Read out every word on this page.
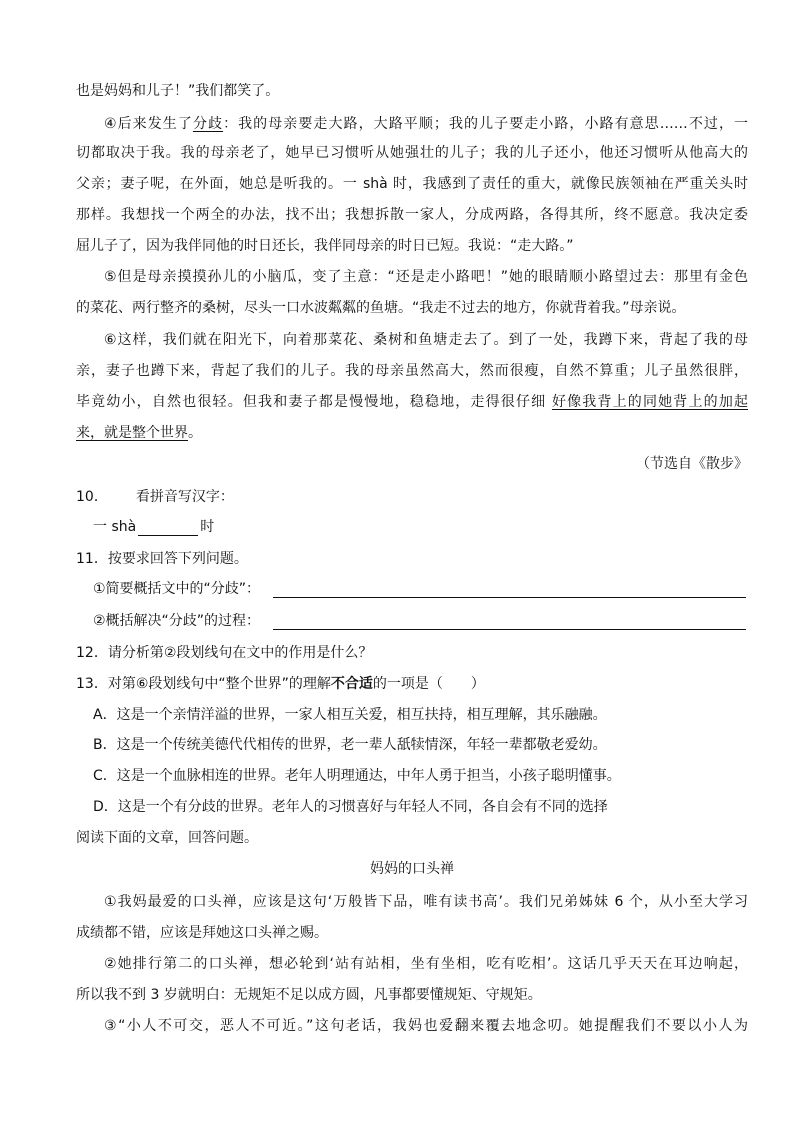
也是妈妈和儿子！”我们都笑了。
④后来发生了分歧：我的母亲要走大路，大路平顺；我的儿子要走小路，小路有意思……不过，一
切都取决于我。我的母亲老了，她早已习惯听从她强壮的儿子；我的儿子还小，他还习惯听从他高大的
父亲；妻子呢，在外面，她总是听我的。一 shà 时，我感到了责任的重大，就像民族领袖在严重关头时
那样。我想找一个两全的办法，找不出；我想拆散一家人，分成两路，各得其所，终不愿意。我决定委
屈儿子了，因为我伴同他的时日还长，我伴同母亲的时日已短。我说：“走大路。”
⑤但是母亲摸摸孙儿的小脑瓜，变了主意：“还是走小路吧！”她的眼睛顺小路望过去：那里有金色
的菜花、两行整齐的桑树，尽头一口水波粼粼的鱼塘。“我走不过去的地方，你就背着我。”母亲说。
⑥这样，我们就在阳光下，向着那菜花、桑树和鱼塘走去了。到了一处，我蹲下来，背起了我的母
亲，妻子也蹲下来，背起了我们的儿子。我的母亲虽然高大，然而很瘦，自然不算重；儿子虽然很胖，
毕竟幼小，自然也很轻。但我和妻子都是慢慢地，稳稳地，走得很仔细 好像我背上的同她背上的加起
来，就是整个世界。
（节选自《散步》
10． 看拼音写汉字：
一 shà	时
11．按要求回答下列问题。
①简要概括文中的“分歧”：
②概括解决“分歧”的过程：
12．请分析第②段划线句在文中的作用是什么？
13．对第⑥段划线句中“整个世界”的理解不合适的一项是（　　）
A．这是一个亲情洋溢的世界，一家人相互关爱，相互扶持，相互理解，其乐融融。
B．这是一个传统美德代代相传的世界，老一辈人舐犊情深，年轻一辈都敬老爱幼。
C．这是一个血脉相连的世界。老年人明理通达，中年人勇于担当，小孩子聪明懂事。
D．这是一个有分歧的世界。老年人的习惯喜好与年轻人不同，各自会有不同的选择
阅读下面的文章，回答问题。
妈妈的口头禅
①我妈最爱的口头禅，应该是这句‘万般皆下品，唯有读书高’。我们兄弟姊妹 6 个，从小至大学习
成绩都不错，应该是拜她这口头禅之赐。
②她排行第二的口头禅，想必轮到‘站有站相，坐有坐相，吃有吃相’。这话几乎天天在耳边响起，
所以我不到 3 岁就明白：无规矩不足以成方圆，凡事都要懂规矩、守规矩。
③“小人不可交，恶人不可近。”这句老话，我妈也爱翻来覆去地念叨。她提醒我们不要以小人为
